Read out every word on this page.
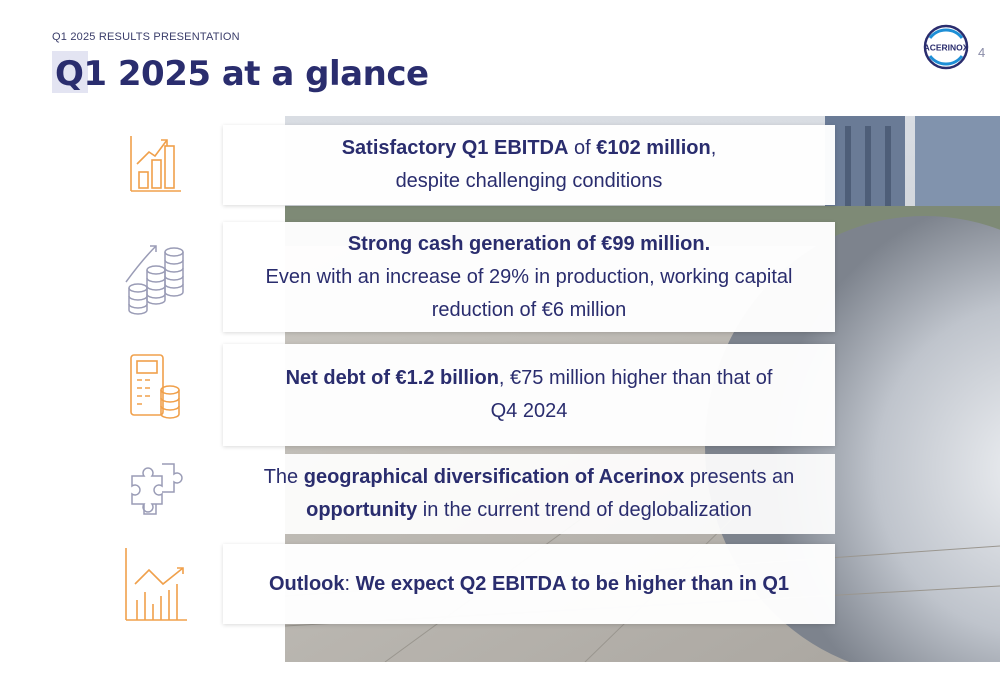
Q1 2025 RESULTS PRESENTATION
Q1 2025 at a glance
4
ACERINOX
Satisfactory Q1 EBITDA of €102 million,
despite challenging conditions
Strong cash generation of €99 million.
Even with an increase of 29% in production, working capital
reduction of €6 million
Net debt of €1.2 billion, €75 million higher than that of
Q4 2024
The geographical diversification of Acerinox presents an
opportunity in the current trend of deglobalization
Outlook: We expect Q2 EBITDA to be higher than in Q1
